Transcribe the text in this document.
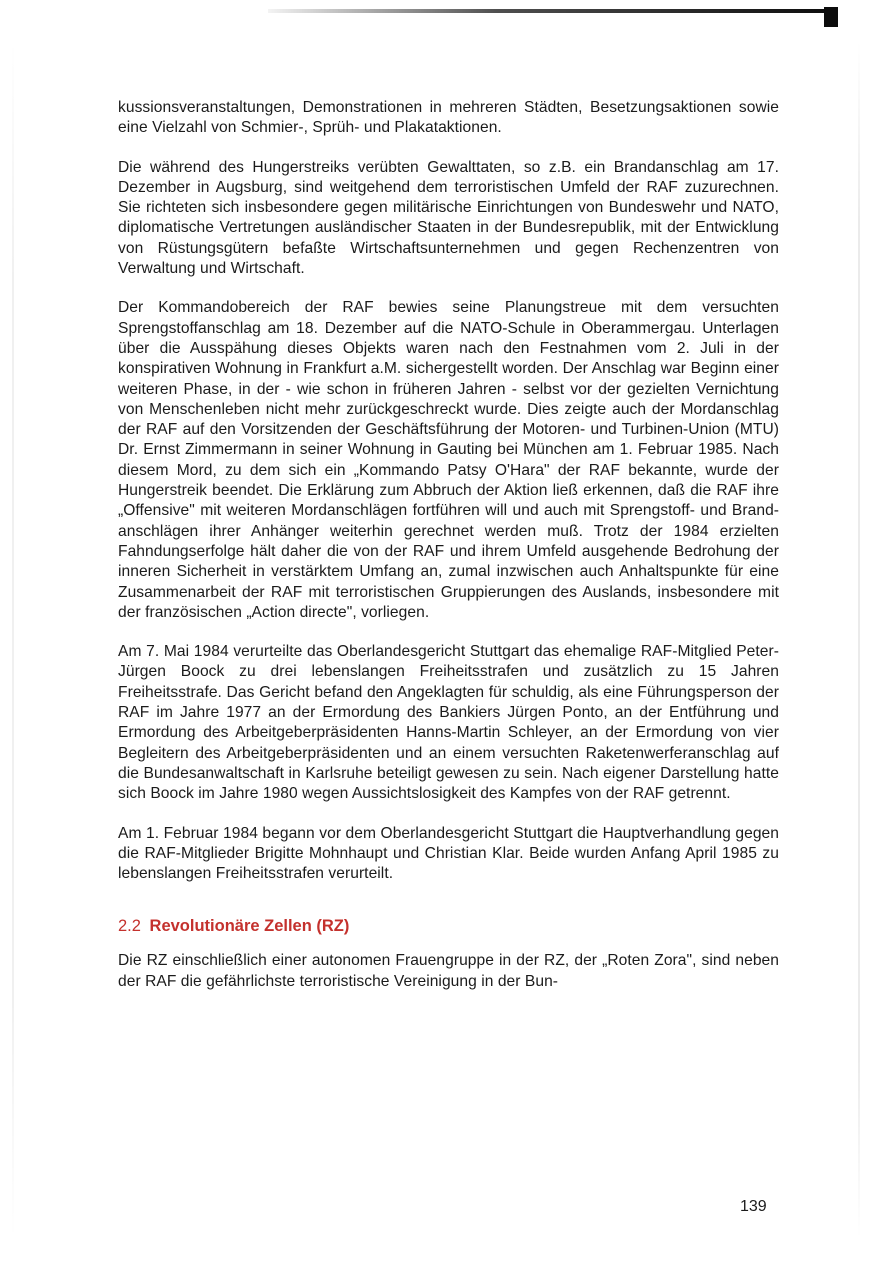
kussionsveranstaltungen, Demonstrationen in mehreren Städten, Besetzungsaktionen sowie eine Vielzahl von Schmier-, Sprüh- und Plakataktionen.

Die während des Hungerstreiks verübten Gewalttaten, so z.B. ein Brandanschlag am 17. Dezember in Augsburg, sind weitgehend dem terroristischen Umfeld der RAF zuzurechnen. Sie richteten sich insbesondere gegen militärische Einrichtungen von Bundeswehr und NATO, diplomatische Vertretungen ausländischer Staaten in der Bundesrepublik, mit der Entwicklung von Rüstungsgütern befaßte Wirtschaftsunternehmen und gegen Rechenzentren von Verwaltung und Wirtschaft.

Der Kommandobereich der RAF bewies seine Planungstreue mit dem versuchten Sprengstoffanschlag am 18. Dezember auf die NATO-Schule in Oberammergau. Unterlagen über die Ausspähung dieses Objekts waren nach den Festnahmen vom 2. Juli in der konspirativen Wohnung in Frankfurt a.M. sichergestellt worden. Der Anschlag war Beginn einer weiteren Phase, in der - wie schon in früheren Jahren - selbst vor der gezielten Vernichtung von Menschenleben nicht mehr zurückgeschreckt wurde. Dies zeigte auch der Mordanschlag der RAF auf den Vorsitzenden der Geschäftsführung der Motoren- und Turbinen-Union (MTU) Dr. Ernst Zimmermann in seiner Wohnung in Gauting bei München am 1. Februar 1985. Nach diesem Mord, zu dem sich ein „Kommando Patsy O'Hara" der RAF bekannte, wurde der Hungerstreik beendet. Die Erklärung zum Abbruch der Aktion ließ erkennen, daß die RAF ihre „Offensive" mit weiteren Mordanschlägen fortführen will und auch mit Sprengstoff- und Brandanschlägen ihrer Anhänger weiterhin gerechnet werden muß. Trotz der 1984 erzielten Fahndungserfolge hält daher die von der RAF und ihrem Umfeld ausgehende Bedrohung der inneren Sicherheit in verstärktem Umfang an, zumal inzwischen auch Anhaltspunkte für eine Zusammenarbeit der RAF mit terroristischen Gruppierungen des Auslands, insbesondere mit der französischen „Action directe", vorliegen.

Am 7. Mai 1984 verurteilte das Oberlandesgericht Stuttgart das ehemalige RAF-Mitglied Peter-Jürgen Boock zu drei lebenslangen Freiheitsstrafen und zusätzlich zu 15 Jahren Freiheitsstrafe. Das Gericht befand den Angeklagten für schuldig, als eine Führungsperson der RAF im Jahre 1977 an der Ermordung des Bankiers Jürgen Ponto, an der Entführung und Ermordung des Arbeitgeberpräsidenten Hanns-Martin Schleyer, an der Ermordung von vier Begleitern des Arbeitgeberpräsidenten und an einem versuchten Raketenwerferanschlag auf die Bundesanwaltschaft in Karlsruhe beteiligt gewesen zu sein. Nach eigener Darstellung hatte sich Boock im Jahre 1980 wegen Aussichtslosigkeit des Kampfes von der RAF getrennt.

Am 1. Februar 1984 begann vor dem Oberlandesgericht Stuttgart die Hauptverhandlung gegen die RAF-Mitglieder Brigitte Mohnhaupt und Christian Klar. Beide wurden Anfang April 1985 zu lebenslangen Freiheitsstrafen verurteilt.

2.2 Revolutionäre Zellen (RZ)

Die RZ einschließlich einer autonomen Frauengruppe in der RZ, der „Roten Zora", sind neben der RAF die gefährlichste terroristische Vereinigung in der Bun-

139
